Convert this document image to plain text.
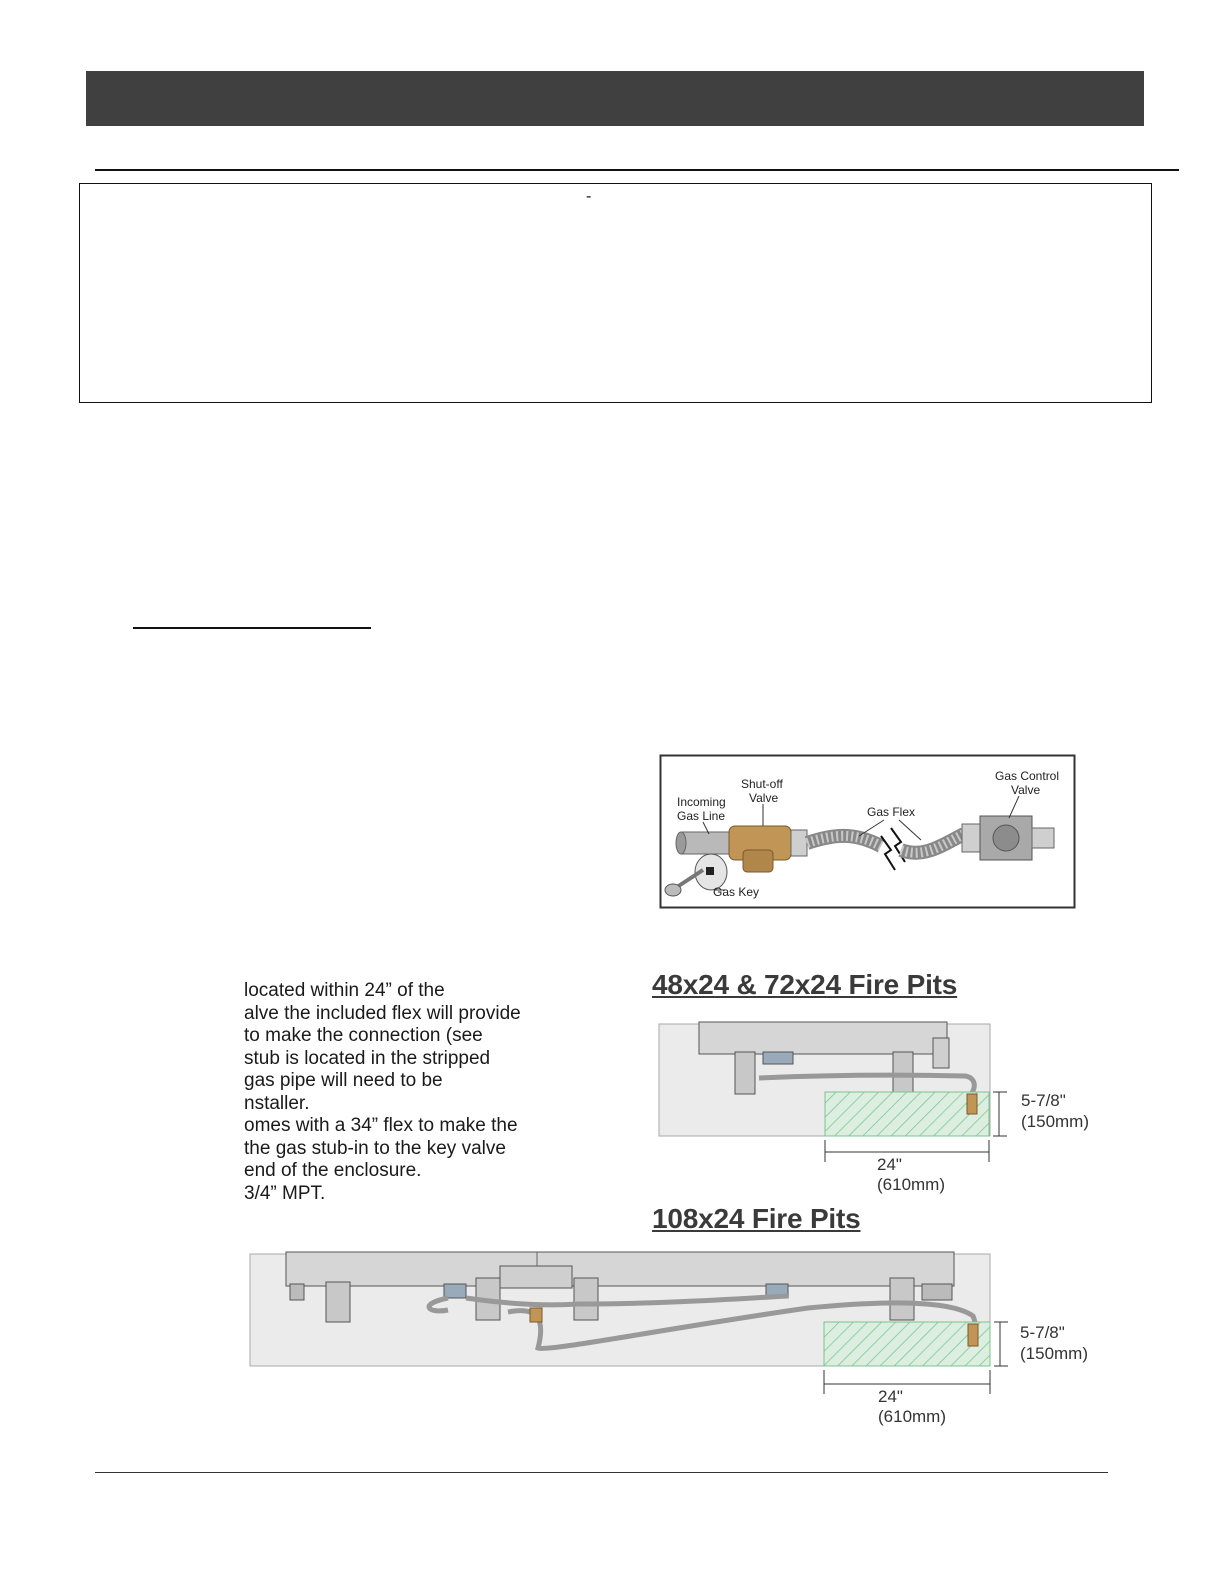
-
Incoming
Gas Line
Shut-off
Valve
Gas Flex
Gas Control
Valve
Gas Key
located within 24” of the
alve the included flex will provide
to make the connection (see
stub is located in the stripped
gas pipe will need to be
nstaller.
omes with a 34” flex to make the
the gas stub-in to the key valve
end of the enclosure.
3/4” MPT.
48x24 & 72x24 Fire Pits
108x24 Fire Pits
5-7/8"
(150mm)
24"
(610mm)
5-7/8"
(150mm)
24"
(610mm)
